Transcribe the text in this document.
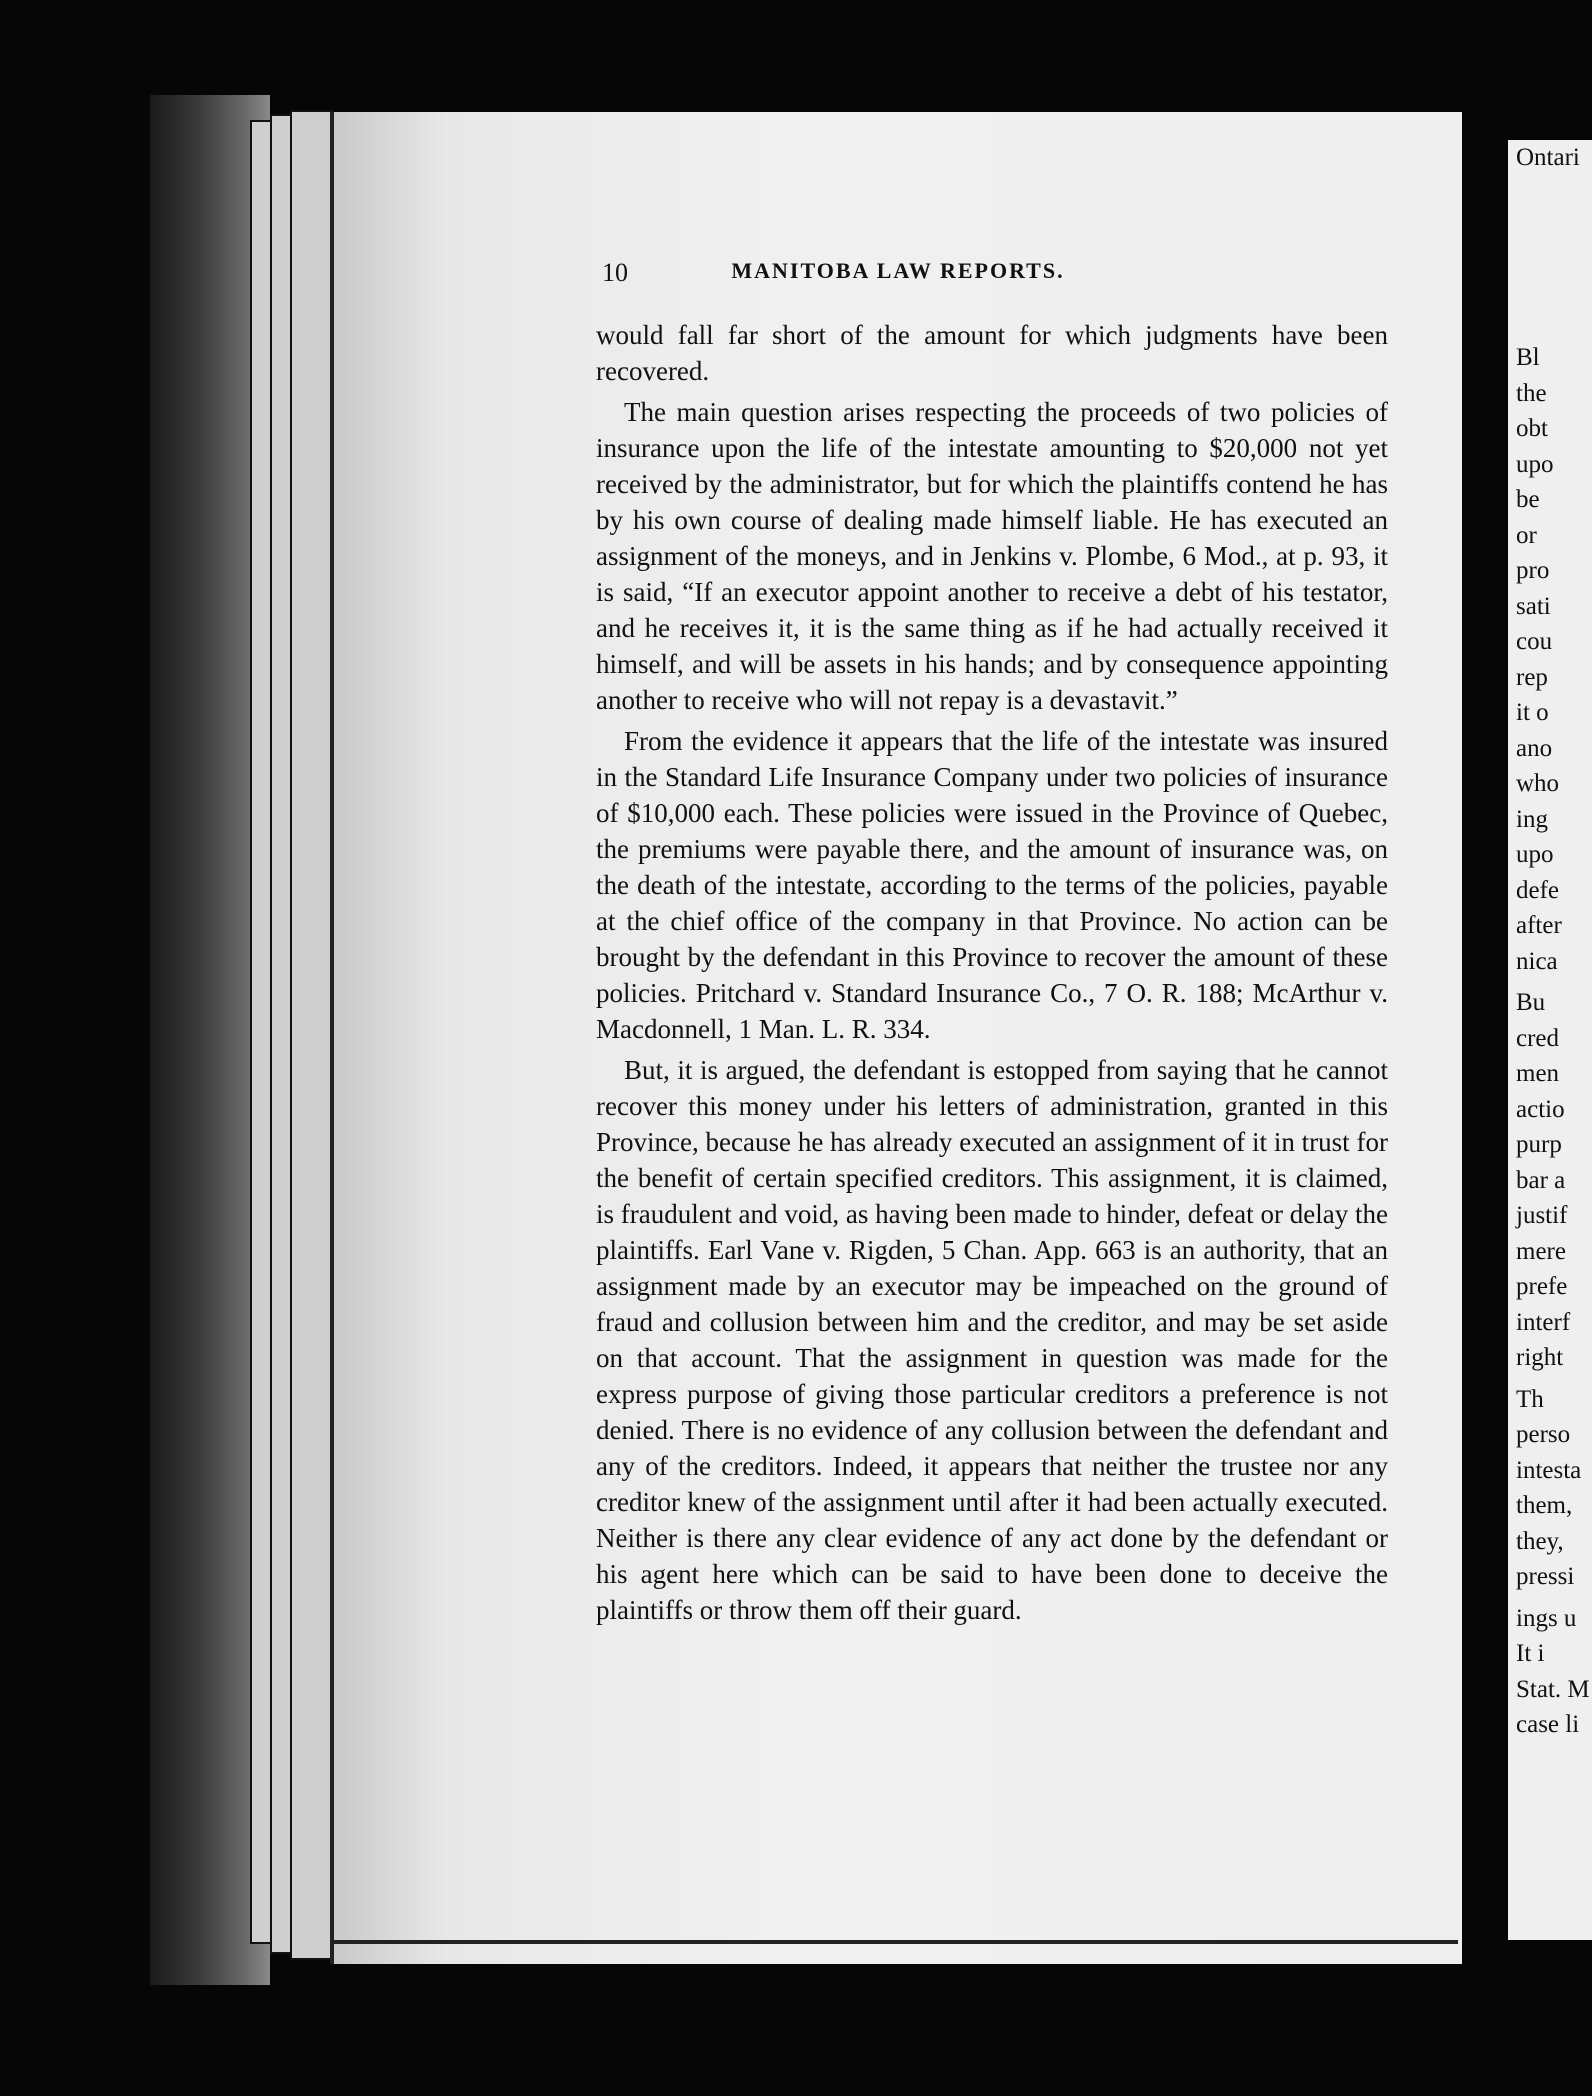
10	MANITOBA LAW REPORTS.

would fall far short of the amount for which judgments have been recovered.

The main question arises respecting the proceeds of two policies of insurance upon the life of the intestate amounting to $20,000 not yet received by the administrator, but for which the plaintiffs contend he has by his own course of dealing made himself liable. He has executed an assignment of the moneys, and in Jenkins v. Plombe, 6 Mod., at p. 93, it is said, “If an executor appoint another to receive a debt of his testator, and he receives it, it is the same thing as if he had actually received it himself, and will be assets in his hands; and by consequence appointing another to receive who will not repay is a devastavit.”

From the evidence it appears that the life of the intestate was insured in the Standard Life Insurance Company under two policies of insurance of $10,000 each. These policies were issued in the Province of Quebec, the premiums were payable there, and the amount of insurance was, on the death of the intestate, according to the terms of the policies, payable at the chief office of the company in that Province. No action can be brought by the defendant in this Province to recover the amount of these policies. Pritchard v. Standard Insurance Co., 7 O. R. 188; McArthur v. Macdonnell, 1 Man. L. R. 334.

But, it is argued, the defendant is estopped from saying that he cannot recover this money under his letters of administration, granted in this Province, because he has already executed an assignment of it in trust for the benefit of certain specified creditors. This assignment, it is claimed, is fraudulent and void, as having been made to hinder, defeat or delay the plaintiffs. Earl Vane v. Rigden, 5 Chan. App. 663 is an authority, that an assignment made by an executor may be impeached on the ground of fraud and collusion between him and the creditor, and may be set aside on that account. That the assignment in question was made for the express purpose of giving those particular creditors a preference is not denied. There is no evidence of any collusion between the defendant and any of the creditors. Indeed, it appears that neither the trustee nor any creditor knew of the assignment until after it had been actually executed. Neither is there any clear evidence of any act done by the defendant or his agent here which can be said to have been done to deceive the plaintiffs or throw them off their guard.

Bl
the
obt
upo
be
or
pro
sati
cou
rep
it o
ano
who
ing
upo
defe
after
nica
Bu
cred
men
actio
purp
bar a
justif
mere
prefe
interf
right
Th
perso
intesta
them,
they,
pressi
ings u
It i
Stat. M
case li
Ontari
